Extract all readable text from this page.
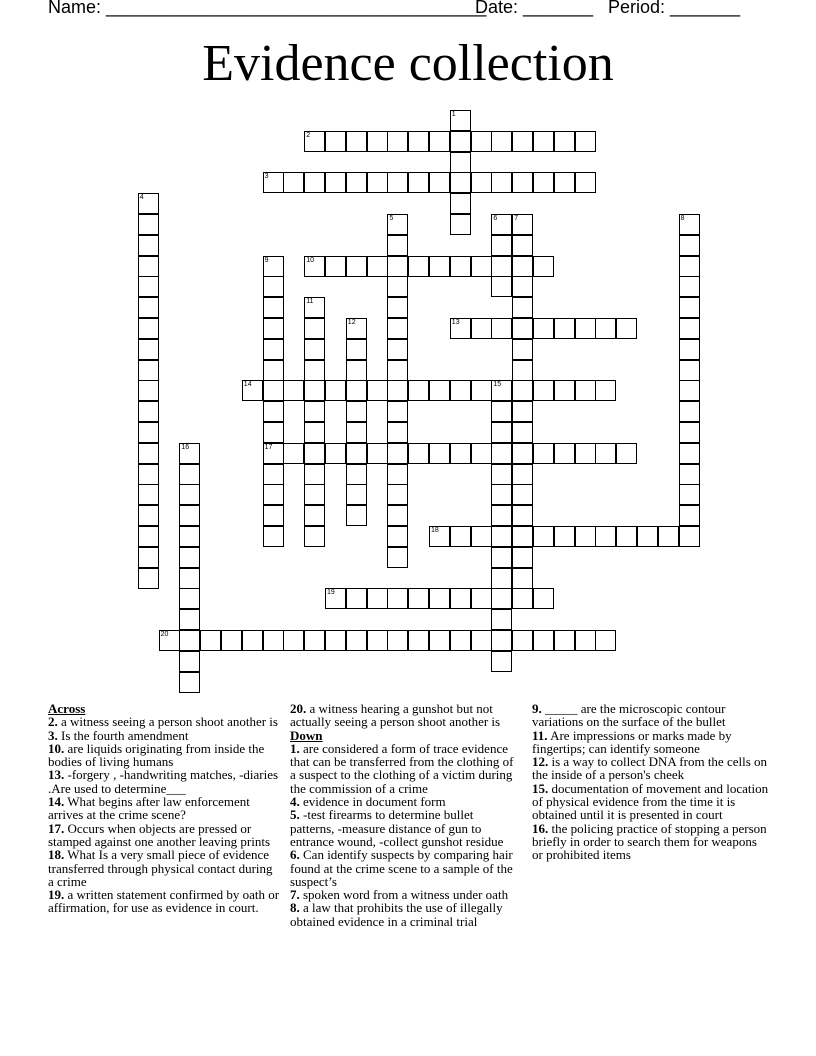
Name: ______________________________________
Date: _______ Period: _______
Evidence collection
1
2
3
4
5	6 7	8
9
17
10
11
12	13
14	15
16
18
19
20
Across
2. a witness seeing a person shoot another is
3. Is the fourth amendment
10. are liquids originating from inside the bodies of living humans
13. -forgery , -handwriting matches, -diaries .Are used to determine___
14. What begins after law enforcement arrives at the crime scene?
17. Occurs when objects are pressed or stamped against one another leaving prints
18. What Is a very small piece of evidence transferred through physical contact during a crime
19. a written statement confirmed by oath or affirmation, for use as evidence in court.
20. a witness hearing a gunshot but not actually seeing a person shoot another is
Down
1. are considered a form of trace evidence that can be transferred from the clothing of a suspect to the clothing of a victim during the commission of a crime
4. evidence in document form
5. -test firearms to determine bullet patterns, -measure distance of gun to entrance wound, -collect gunshot residue
6. Can identify suspects by comparing hair found at the crime scene to a sample of the suspect’s
7. spoken word from a witness under oath
8. a law that prohibits the use of illegally obtained evidence in a criminal trial
9. _____ are the microscopic contour variations on the surface of the bullet
11. Are impressions or marks made by fingertips; can identify someone
12. is a way to collect DNA from the cells on the inside of a person's cheek
15. documentation of movement and location of physical evidence from the time it is obtained until it is presented in court
16. the policing practice of stopping a person briefly in order to search them for weapons or prohibited items
